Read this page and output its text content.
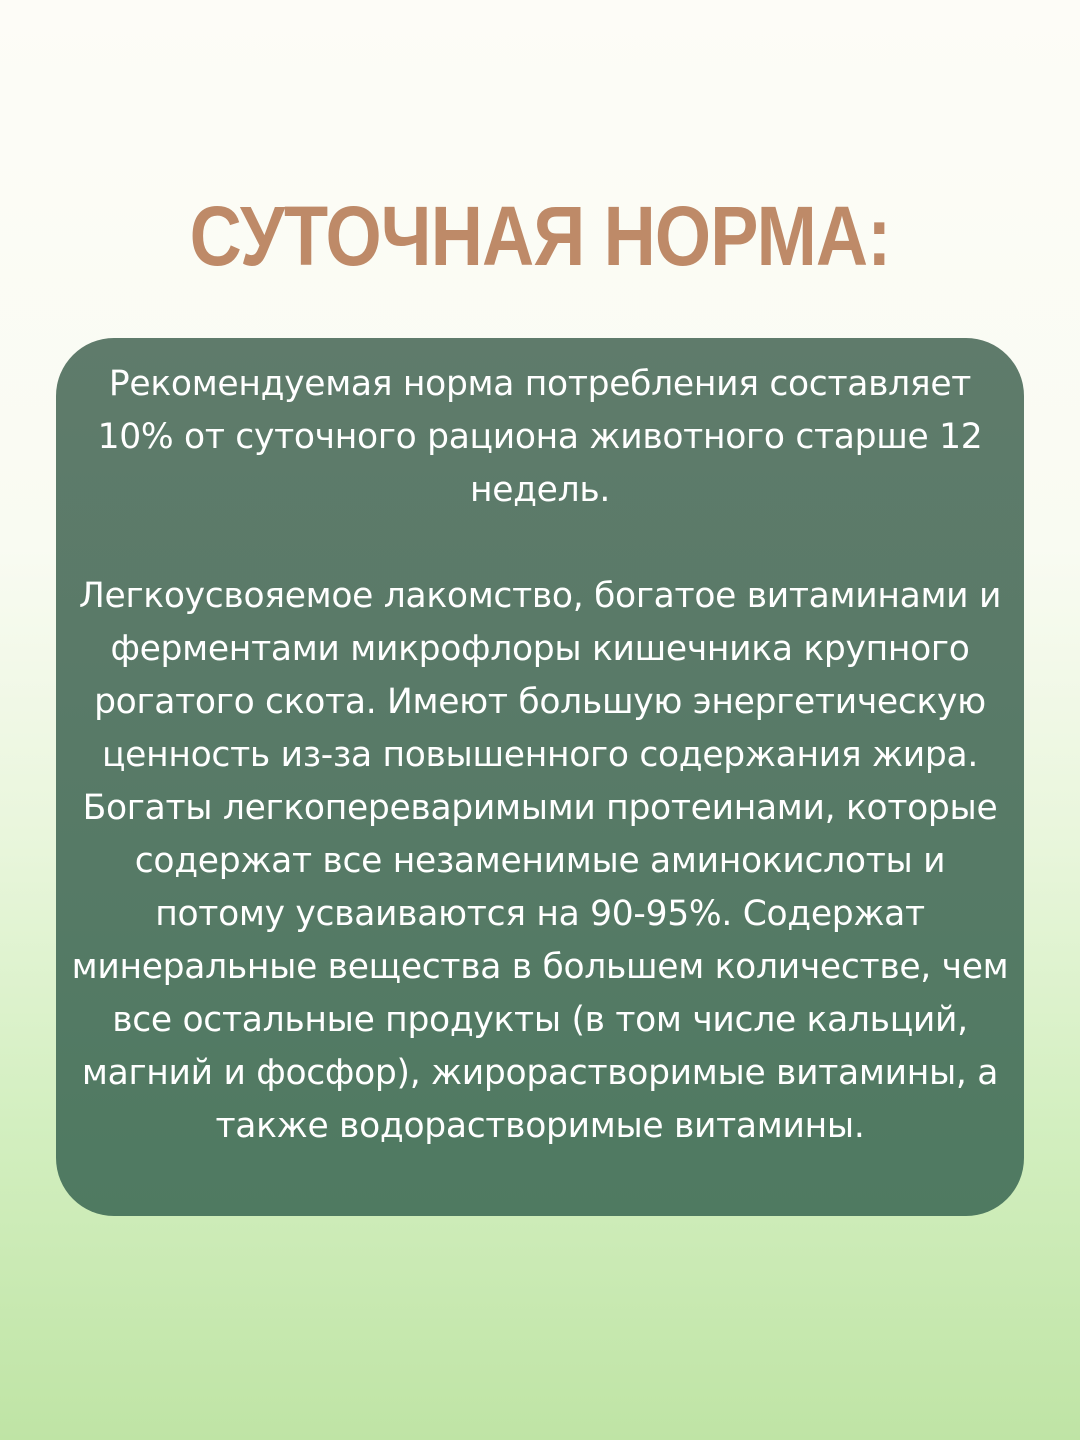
СУТОЧНАЯ НОРМА:

Рекомендуемая норма потребления составляет 10% от суточного рациона животного старше 12 недель.

Легкоусвояемое лакомство, богатое витаминами и ферментами микрофлоры кишечника крупного рогатого скота. Имеют большую энергетическую ценность из-за повышенного содержания жира. Богаты легкопереваримыми протеинами, которые содержат все незаменимые аминокислоты и потому усваиваются на 90-95%. Содержат минеральные вещества в большем количестве, чем все остальные продукты (в том числе кальций, магний и фосфор), жирорастворимые витамины, а также водорастворимые витамины.
